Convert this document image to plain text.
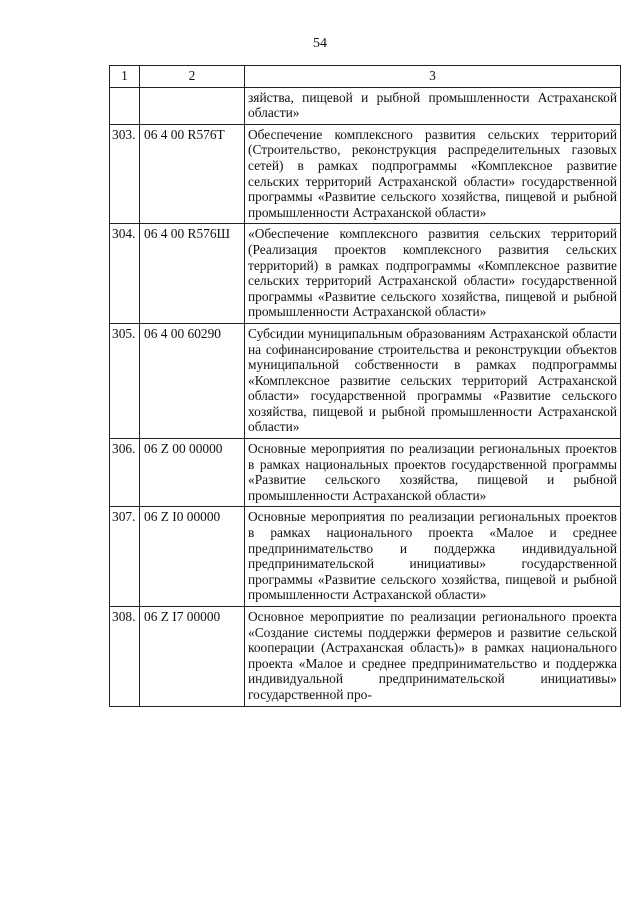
54
1	2	3
		зяйства, пищевой и рыбной промышленности Астраханской области»
303.	06 4 00 R576Т	Обеспечение комплексного развития сельских территорий (Строительство, реконструкция распределительных газовых сетей) в рамках подпрограммы «Комплексное развитие сельских территорий Астраханской области» государственной программы «Развитие сельского хозяйства, пищевой и рыбной промышленности Астраханской области»
304.	06 4 00 R576Ш	«Обеспечение комплексного развития сельских территорий (Реализация проектов комплексного развития сельских территорий) в рамках подпрограммы «Комплексное развитие сельских территорий Астраханской области» государственной программы «Развитие сельского хозяйства, пищевой и рыбной промышленности Астраханской области»
305.	06 4 00 60290	Субсидии муниципальным образованиям Астраханской области на софинансирование строительства и реконструкции объектов муниципальной собственности в рамках подпрограммы «Комплексное развитие сельских территорий Астраханской области» государственной программы «Развитие сельского хозяйства, пищевой и рыбной промышленности Астраханской области»
306.	06 Z 00 00000	Основные мероприятия по реализации региональных проектов в рамках национальных проектов государственной программы «Развитие сельского хозяйства, пищевой и рыбной промышленности Астраханской области»
307.	06 Z I0 00000	Основные мероприятия по реализации региональных проектов в рамках национального проекта «Малое и среднее предпринимательство и поддержка индивидуальной предпринимательской инициативы» государственной программы «Развитие сельского хозяйства, пищевой и рыбной промышленности Астраханской области»
308.	06 Z I7 00000	Основное мероприятие по реализации регионального проекта «Создание системы поддержки фермеров и развитие сельской кооперации (Астраханская область)» в рамках национального проекта «Малое и среднее предпринимательство и поддержка индивидуальной предпринимательской инициативы» государственной про-
